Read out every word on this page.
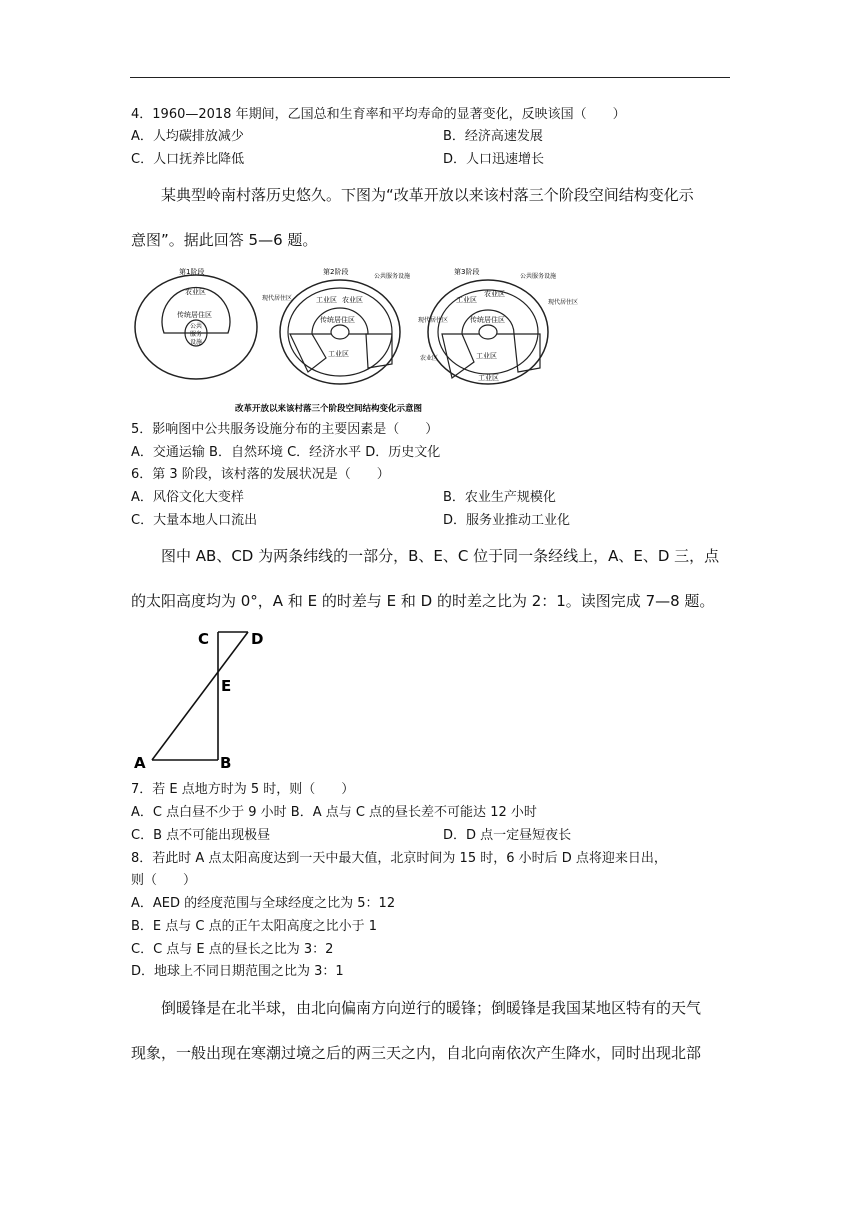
4．1960—2018 年期间，乙国总和生育率和平均寿命的显著变化，反映该国（　　）
A．人均碳排放减少	B．经济高速发展
C．人口抚养比降低	D．人口迅速增长
某典型岭南村落历史悠久。下图为“改革开放以来该村落三个阶段空间结构变化示
意图”。据此回答 5—6 题。
第1阶段
农业区
传统居住区
公共
服务
设施
第2阶段
公共服务设施
现代居住区	工业区 农业区
传统居住区
工业区
第3阶段
公共服务设施
现代居住区
现代居住区
工业区
农业区
传统居住区
农业区	工业区
工业区
改革开放以来该村落三个阶段空间结构变化示意图
5．影响图中公共服务设施分布的主要因素是（　　）
A．交通运输 B．自然环境 C．经济水平 D．历史文化
6．第 3 阶段，该村落的发展状况是（　　）
A．风俗文化大变样	B．农业生产规模化
C．大量本地人口流出	D．服务业推动工业化
图中 AB、CD 为两条纬线的一部分，B、E、C 位于同一条经线上，A、E、D 三，点
的太阳高度均为 0°，A 和 E 的时差与 E 和 D 的时差之比为 2：1。读图完成 7—8 题。
C	D
E
A	B
7．若 E 点地方时为 5 时，则（　　）
A．C 点白昼不少于 9 小时 B．A 点与 C 点的昼长差不可能达 12 小时
C．B 点不可能出现极昼	D．D 点一定昼短夜长
8．若此时 A 点太阳高度达到一天中最大值，北京时间为 15 时，6 小时后 D 点将迎来日出，
则（　　）
A．AED 的经度范围与全球经度之比为 5：12
B．E 点与 C 点的正午太阳高度之比小于 1
C．C 点与 E 点的昼长之比为 3：2
D．地球上不同日期范围之比为 3：1
倒暖锋是在北半球，由北向偏南方向逆行的暖锋；倒暖锋是我国某地区特有的天气
现象，一般出现在寒潮过境之后的两三天之内，自北向南依次产生降水，同时出现北部
